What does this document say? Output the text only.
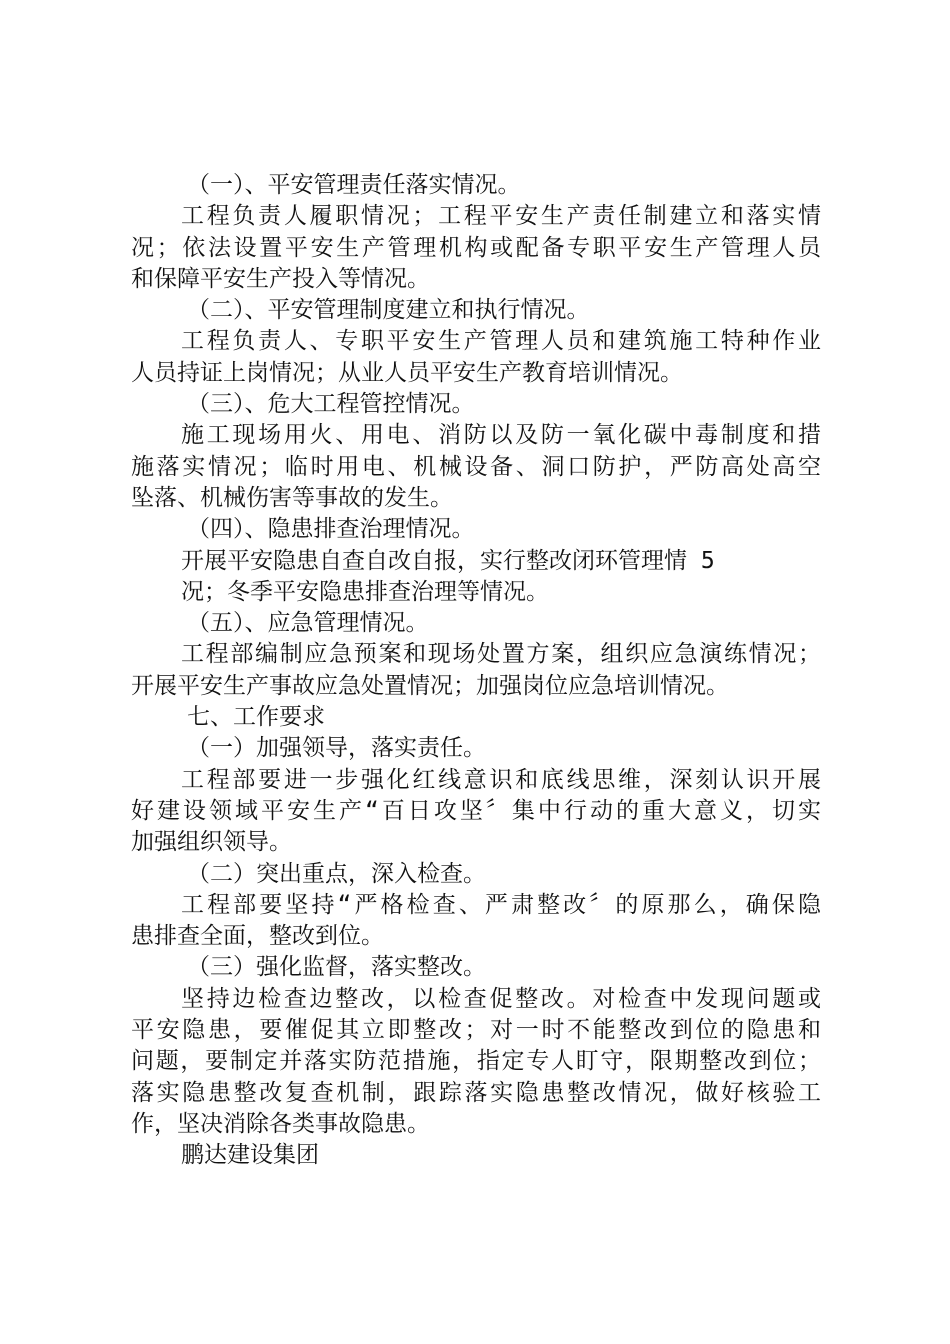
（一）、平安管理责任落实情况。
工程负责人履职情况；工程平安生产责任制建立和落实情
况；依法设置平安生产管理机构或配备专职平安生产管理人员
和保障平安生产投入等情况。
（二）、平安管理制度建立和执行情况。
工程负责人、专职平安生产管理人员和建筑施工特种作业
人员持证上岗情况；从业人员平安生产教育培训情况。
（三）、危大工程管控情况。
施工现场用火、用电、消防以及防一氧化碳中毒制度和措
施落实情况；临时用电、机械设备、洞口防护，严防高处高空
坠落、机械伤害等事故的发生。
（四）、隐患排查治理情况。
开展平安隐患自查自改自报，实行整改闭环管理情 5
况；冬季平安隐患排查治理等情况。
（五）、应急管理情况。
工程部编制应急预案和现场处置方案，组织应急演练情况；
开展平安生产事故应急处置情况；加强岗位应急培训情况。
七、工作要求
（一）加强领导，落实责任。
工程部要进一步强化红线意识和底线思维，深刻认识开展
好建设领域平安生产“百日攻坚〞集中行动的重大意义，切实
加强组织领导。
（二）突出重点，深入检查。
工程部要坚持“严格检查、严肃整改〞的原那么，确保隐
患排查全面，整改到位。
（三）强化监督，落实整改。
坚持边检查边整改，以检查促整改。对检查中发现问题或
平安隐患，要催促其立即整改；对一时不能整改到位的隐患和
问题，要制定并落实防范措施，指定专人盯守，限期整改到位；
落实隐患整改复查机制，跟踪落实隐患整改情况，做好核验工
作，坚决消除各类事故隐患。
鹏达建设集团
